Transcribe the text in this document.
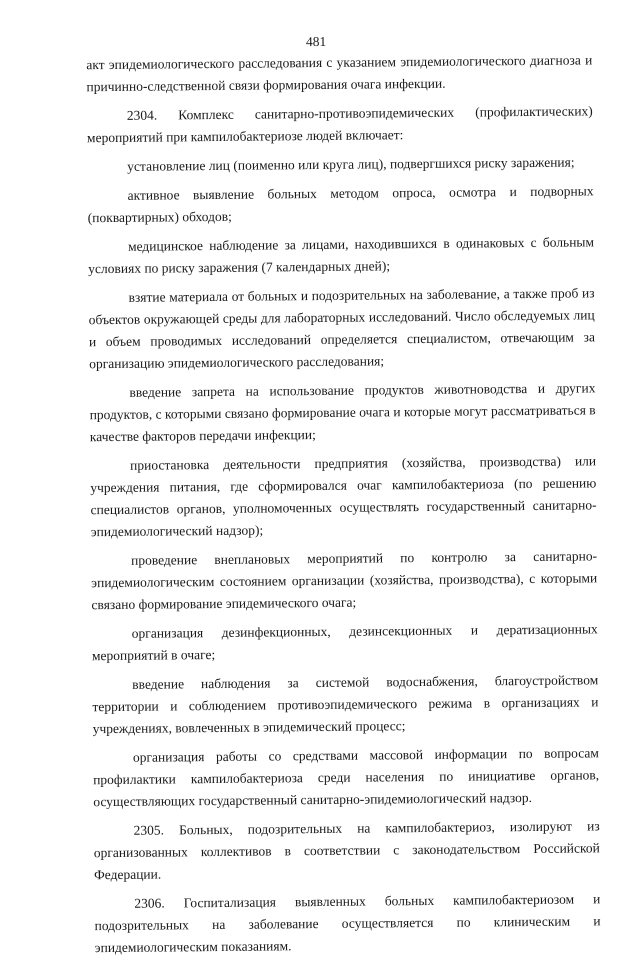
481

акт эпидемиологического расследования с указанием эпидемиологического диагноза и причинно-следственной связи формирования очага инфекции.

2304. Комплекс санитарно-противоэпидемических (профилактических) мероприятий при кампилобактериозе людей включает:

установление лиц (поименно или круга лиц), подвергшихся риску заражения;

активное выявление больных методом опроса, осмотра и подворных (поквартирных) обходов;

медицинское наблюдение за лицами, находившихся в одинаковых с больным условиях по риску заражения (7 календарных дней);

взятие материала от больных и подозрительных на заболевание, а также проб из объектов окружающей среды для лабораторных исследований. Число обследуемых лиц и объем проводимых исследований определяется специалистом, отвечающим за организацию эпидемиологического расследования;

введение запрета на использование продуктов животноводства и других продуктов, с которыми связано формирование очага и которые могут рассматриваться в качестве факторов передачи инфекции;

приостановка деятельности предприятия (хозяйства, производства) или учреждения питания, где сформировался очаг кампилобактериоза (по решению специалистов органов, уполномоченных осуществлять государственный санитарно-эпидемиологический надзор);

проведение внеплановых мероприятий по контролю за санитарно-эпидемиологическим состоянием организации (хозяйства, производства), с которыми связано формирование эпидемического очага;

организация дезинфекционных, дезинсекционных и дератизационных мероприятий в очаге;

введение наблюдения за системой водоснабжения, благоустройством территории и соблюдением противоэпидемического режима в организациях и учреждениях, вовлеченных в эпидемический процесс;

организация работы со средствами массовой информации по вопросам профилактики кампилобактериоза среди населения по инициативе органов, осуществляющих государственный санитарно-эпидемиологический надзор.

2305. Больных, подозрительных на кампилобактериоз, изолируют из организованных коллективов в соответствии с законодательством Российской Федерации.

2306. Госпитализация выявленных больных кампилобактериозом и подозрительных на заболевание осуществляется по клиническим и эпидемиологическим показаниям.
